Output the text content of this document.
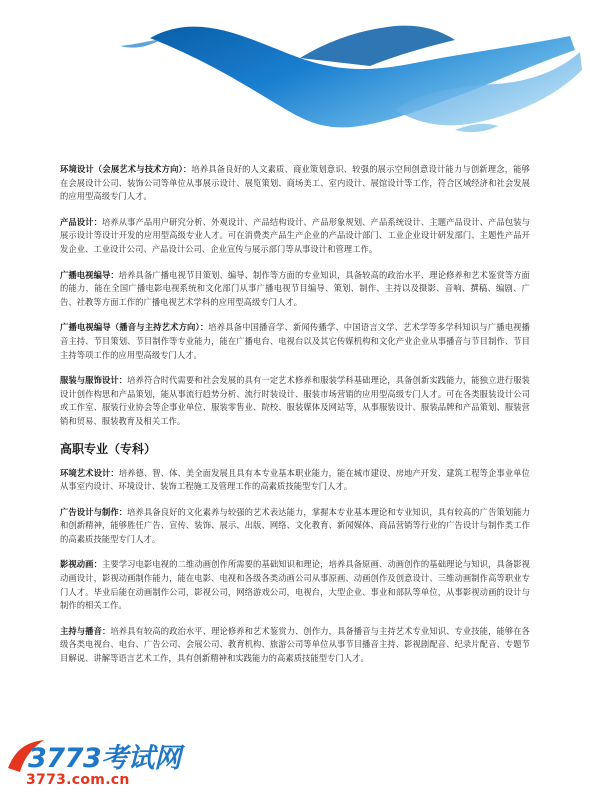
环境设计（会展艺术与技术方向）：培养具备良好的人文素质、商业策划意识、较强的展示空间创意设计能力与创新理念，能够在会展设计公司、装饰公司等单位从事展示设计、展览策划、商场美工、室内设计、展馆设计等工作，符合区域经济和社会发展的应用型高级专门人才。

产品设计：培养从事产品用户研究分析、外观设计、产品结构设计、产品形象规划、产品系统设计、主题产品设计、产品包装与展示设计等设计开发的应用型高级专业人才。可在消费类产品生产企业的产品设计部门、工业企业设计研发部门、主题性产品开发企业、工业设计公司、产品设计公司、企业宣传与展示部门等从事设计和管理工作。

广播电视编导：培养具备广播电视节目策划、编导、制作等方面的专业知识，具备较高的政治水平、理论修养和艺术鉴赏等方面的能力，能在全国广播电影电视系统和文化部门从事广播电视节目编导、策划、制作、主持以及摄影、音响、撰稿、编剧、广告、社教等方面工作的广播电视艺术学科的应用型高级专门人才。

广播电视编导（播音与主持艺术方向）：培养具备中国播音学、新闻传播学、中国语言文学、艺术学等多学科知识与广播电视播音主持、节目策划、节目制作等专业能力，能在广播电台、电视台以及其它传媒机构和文化产业企业从事播音与节目制作、节目主持等项工作的应用型高级专门人才。

服装与服饰设计：培养符合时代需要和社会发展的具有一定艺术修养和服装学科基础理论，具备创新实践能力，能独立进行服装设计创作构思和产品策划，能从事流行趋势分析、流行时装设计、服装市场营销的应用型高级专门人才。可在各类服装设计公司或工作室、服装行业协会等企事业单位、服装零售业、院校、服装媒体及网站等，从事服装设计、服装品牌和产品策划、服装营销和贸易、服装教育及相关工作。

高职专业（专科）

环境艺术设计：培养德、智、体、美全面发展且具有本专业基本职业能力，能在城市建设、房地产开发、建筑工程等企事业单位从事室内设计、环境设计、装饰工程施工及管理工作的高素质技能型专门人才。

广告设计与制作：培养具备良好的文化素养与较强的艺术表达能力，掌握本专业基本理论和专业知识，具有较高的广告策划能力和创新精神，能够胜任广告、宣传、装饰、展示、出版、网络、文化教育、新闻媒体、商品营销等行业的广告设计与制作类工作的高素质技能型专门人才。

影视动画：主要学习电影电视的二维动画创作所需要的基础知识和理论，培养具备原画、动画创作的基础理论与知识，具备影视动画设计，影视动画制作能力，能在电影、电视和各级各类动画公司从事原画、动画创作及创意设计、三维动画制作高等职业专门人才。毕业后能在动画制作公司，影视公司，网络游戏公司，电视台，大型企业、事业和部队等单位，从事影视动画的设计与制作的相关工作。

主持与播音：培养具有较高的政治水平、理论修养和艺术鉴赏力、创作力，具备播音与主持艺术专业知识、专业技能，能够在各级各类电视台、电台、广告公司、会展公司、教育机构、旅游公司等单位从事节目播音主持、影视剧配音、纪录片配音、专题节目解说、讲解等语言艺术工作，具有创新精神和实践能力的高素质技能型专门人才。

3773考试网
3773.com.cn
